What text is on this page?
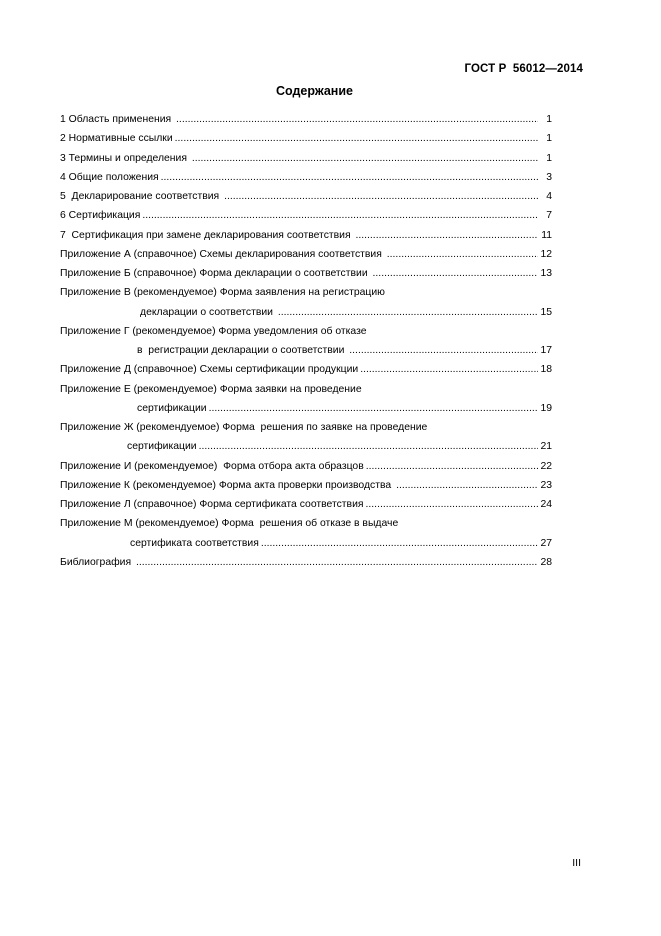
ГОСТ Р  56012—2014
Содержание
1 Область применения .....	1
2 Нормативные ссылки .....	1
3 Термины и определения .....	1
4 Общие положения .....	3
5  Декларирование соответствия .....	4
6 Сертификация .....	7
7  Сертификация при замене декларирования соответствия .....	11
Приложение А (справочное) Схемы декларирования соответствия .....	12
Приложение Б (справочное) Форма декларации о соответствии .....	13
Приложение В (рекомендуемое) Форма заявления на регистрацию
декларации о соответствии .....	15
Приложение Г (рекомендуемое) Форма уведомления об отказе
в  регистрации декларации о соответствии .....	17
Приложение Д (справочное) Схемы сертификации продукции .....	18
Приложение Е (рекомендуемое) Форма заявки на проведение
сертификации .....	19
Приложение Ж (рекомендуемое) Форма  решения по заявке на проведение
сертификации .....	21
Приложение И (рекомендуемое)  Форма отбора акта образцов .....	22
Приложение К (рекомендуемое) Форма акта проверки производства .....	23
Приложение Л (справочное) Форма сертификата соответствия .....	24
Приложение М (рекомендуемое) Форма  решения об отказе в выдаче
сертификата соответствия .....	27
Библиография .....	28
III
